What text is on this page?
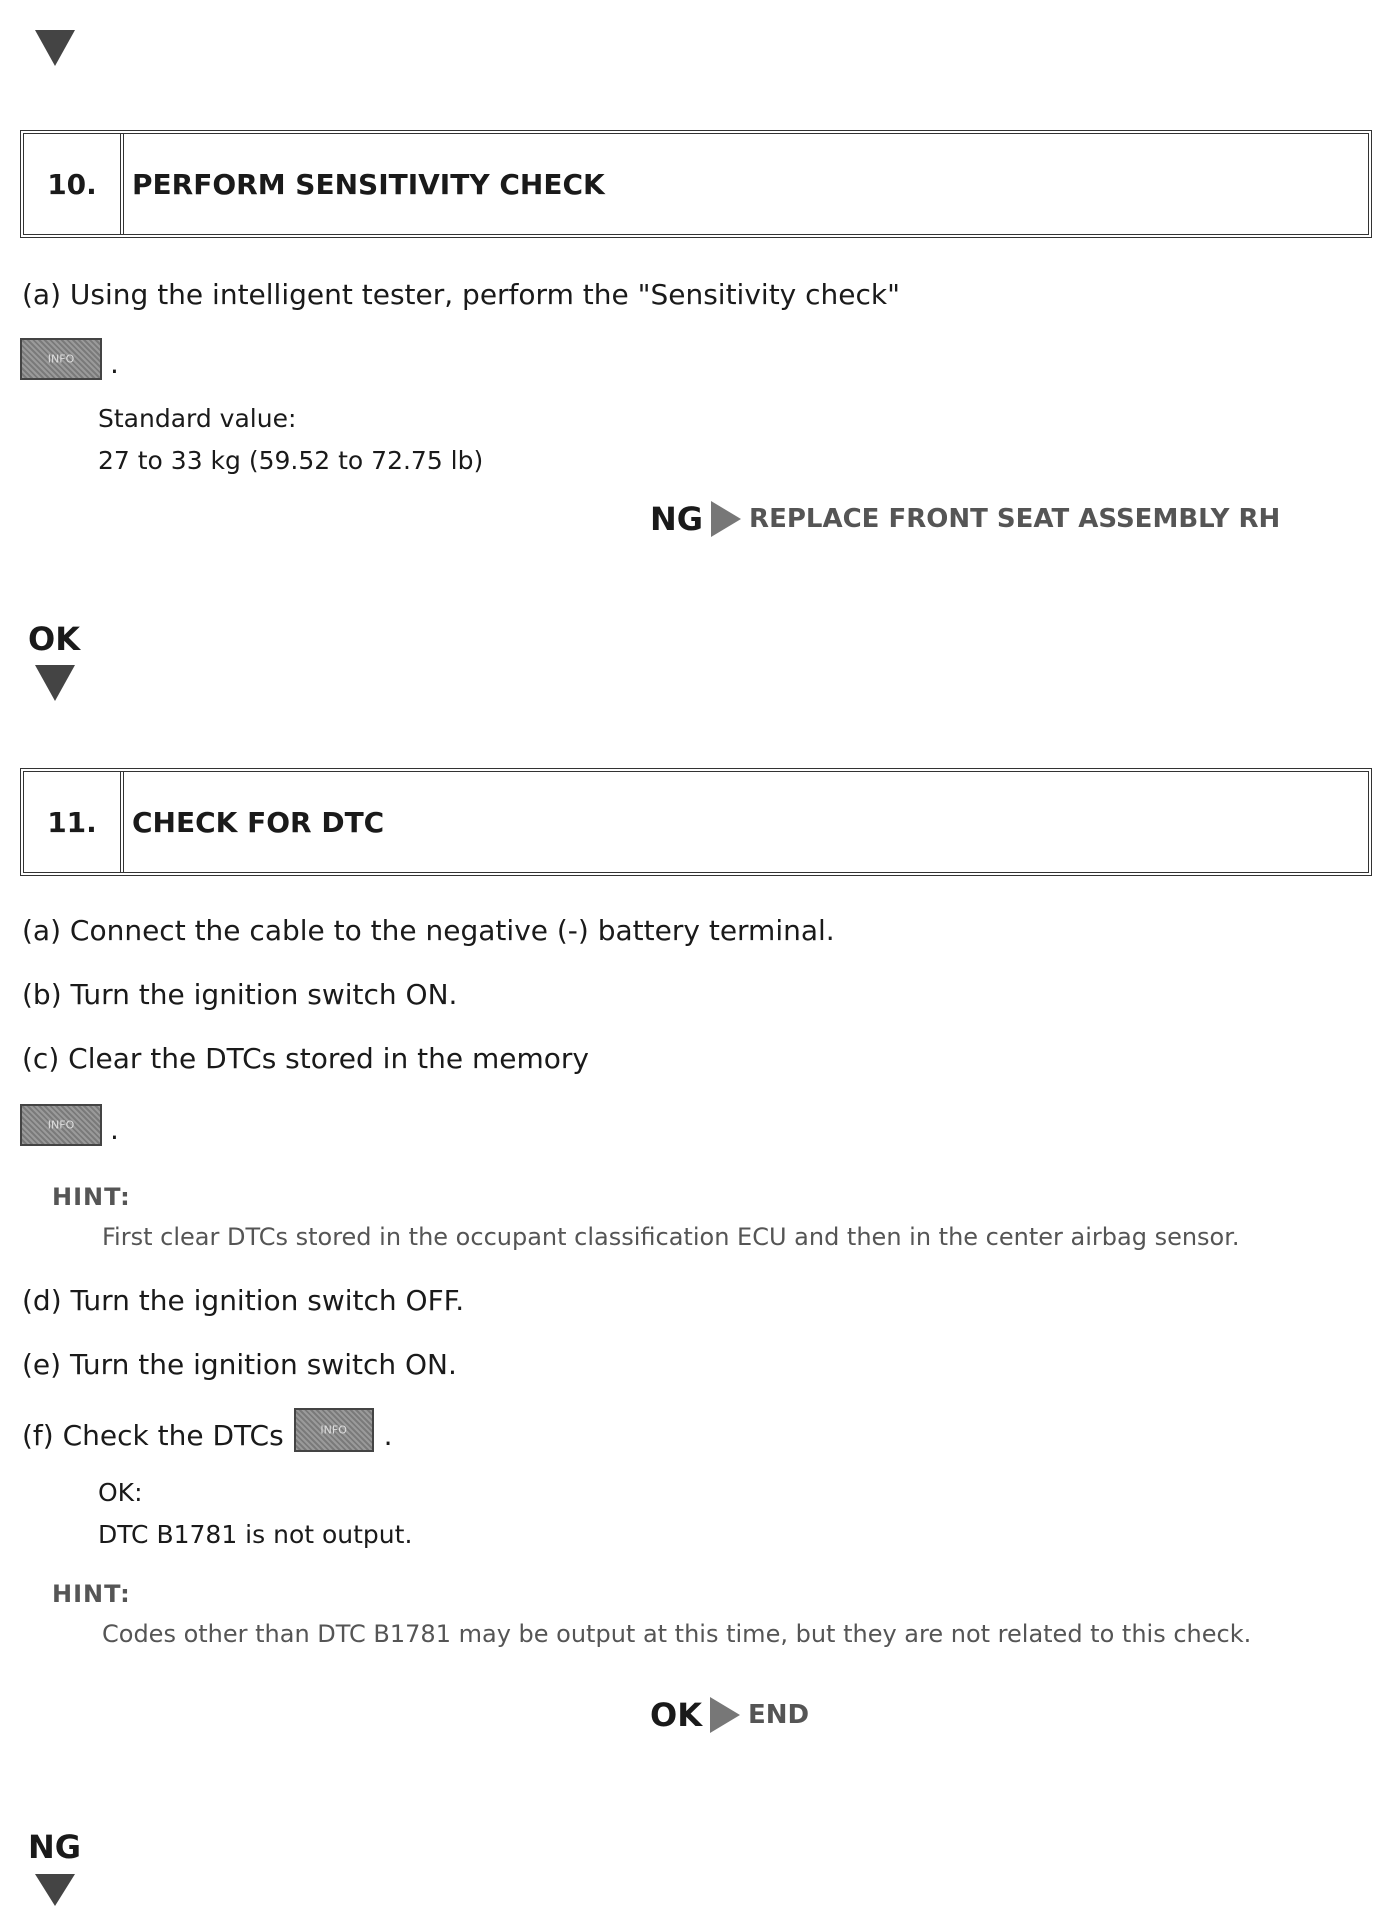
10.	PERFORM SENSITIVITY CHECK
(a) Using the intelligent tester, perform the "Sensitivity check"
INFO	.
Standard value:
27 to 33 kg (59.52 to 72.75 lb)
NG REPLACE FRONT SEAT ASSEMBLY RH
OK
11.	CHECK FOR DTC
(a) Connect the cable to the negative (-) battery terminal.
(b) Turn the ignition switch ON.
(c) Clear the DTCs stored in the memory
INFO	.
HINT:
First clear DTCs stored in the occupant classification ECU and then in the center airbag sensor.
(d) Turn the ignition switch OFF.
(e) Turn the ignition switch ON.
(f) Check the DTCs	INFO	.
OK:
DTC B1781 is not output.
HINT:
Codes other than DTC B1781 may be output at this time, but they are not related to this check.
OK END
NG
